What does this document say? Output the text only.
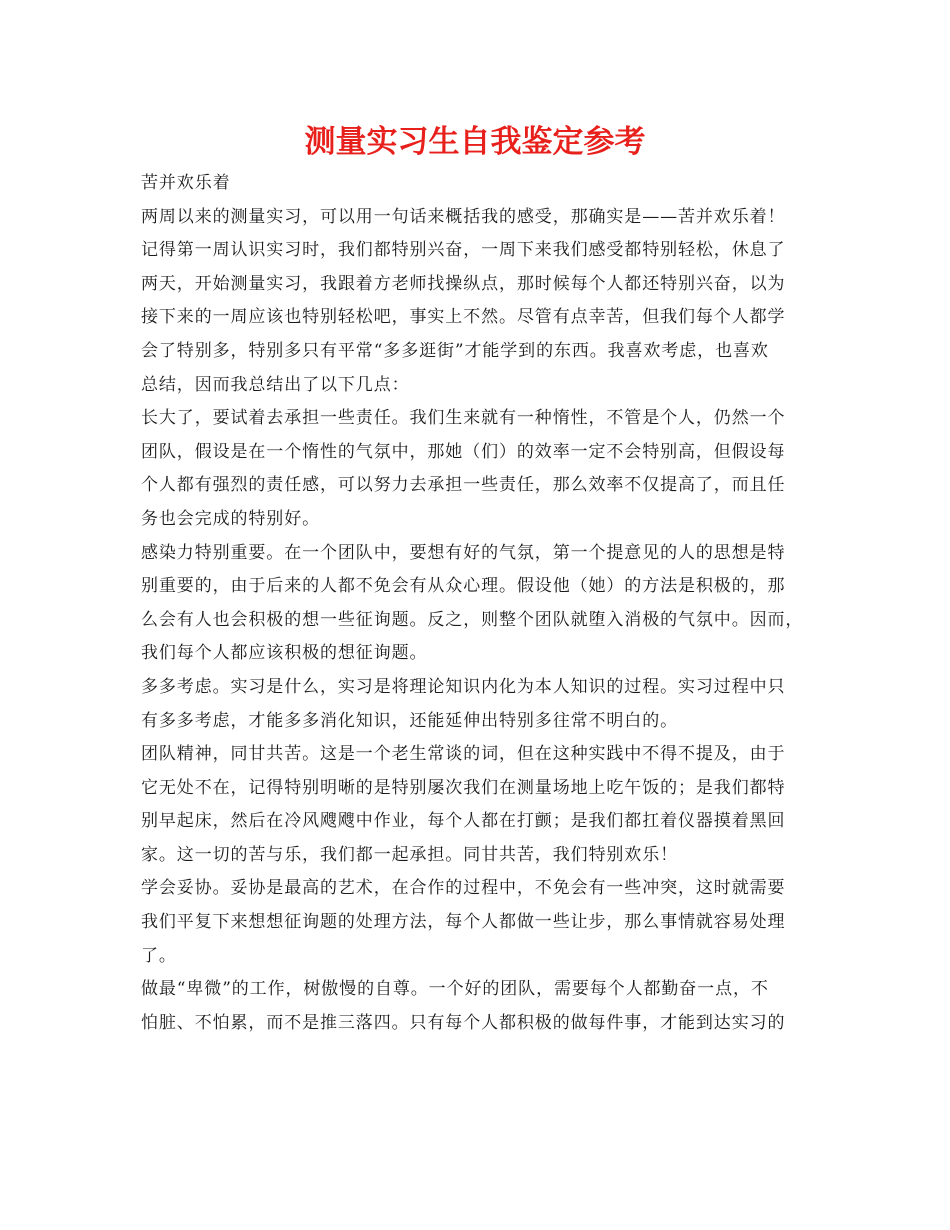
测量实习生自我鉴定参考

苦并欢乐着

两周以来的测量实习，可以用一句话来概括我的感受，那确实是——苦并欢乐着！

记得第一周认识实习时，我们都特别兴奋，一周下来我们感受都特别轻松，休息了
两天，开始测量实习，我跟着方老师找操纵点，那时候每个人都还特别兴奋，以为
接下来的一周应该也特别轻松吧，事实上不然。尽管有点幸苦，但我们每个人都学
会了特别多，特别多只有平常“多多逛街”才能学到的东西。我喜欢考虑，也喜欢
总结，因而我总结出了以下几点：

长大了，要试着去承担一些责任。我们生来就有一种惰性，不管是个人，仍然一个
团队，假设是在一个惰性的气氛中，那她（们）的效率一定不会特别高，但假设每
个人都有强烈的责任感，可以努力去承担一些责任，那么效率不仅提高了，而且任
务也会完成的特别好。

感染力特别重要。在一个团队中，要想有好的气氛，第一个提意见的人的思想是特
别重要的，由于后来的人都不免会有从众心理。假设他（她）的方法是积极的，那
么会有人也会积极的想一些征询题。反之，则整个团队就堕入消极的气氛中。因而，
我们每个人都应该积极的想征询题。

多多考虑。实习是什么，实习是将理论知识内化为本人知识的过程。实习过程中只
有多多考虑，才能多多消化知识，还能延伸出特别多往常不明白的。

团队精神，同甘共苦。这是一个老生常谈的词，但在这种实践中不得不提及，由于
它无处不在，记得特别明晰的是特别屡次我们在测量场地上吃午饭的；是我们都特
别早起床，然后在冷风飕飕中作业，每个人都在打颤；是我们都扛着仪器摸着黑回
家。这一切的苦与乐，我们都一起承担。同甘共苦，我们特别欢乐！

学会妥协。妥协是最高的艺术，在合作的过程中，不免会有一些冲突，这时就需要
我们平复下来想想征询题的处理方法，每个人都做一些让步，那么事情就容易处理
了。

做最“卑微”的工作，树傲慢的自尊。一个好的团队，需要每个人都勤奋一点，不
怕脏、不怕累，而不是推三落四。只有每个人都积极的做每件事，才能到达实习的
